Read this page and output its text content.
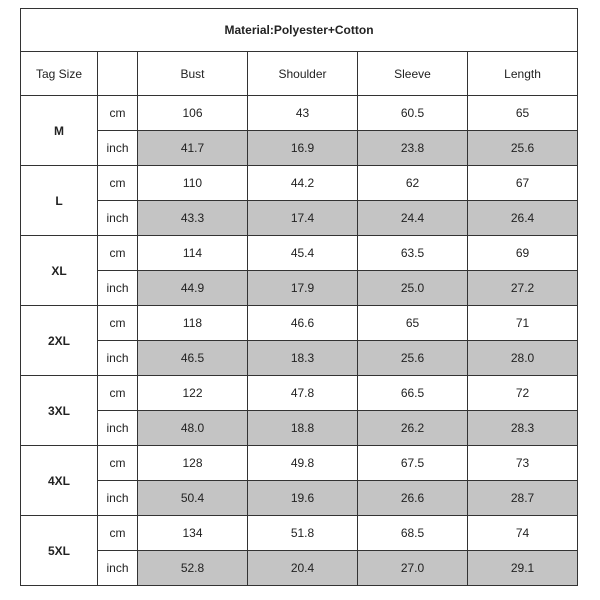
Material:Polyester+Cotton					
Tag Size		Bust	Shoulder	Sleeve	Length
M	cm	106	43	60.5	65
	inch	41.7	16.9	23.8	25.6
L	cm	110	44.2	62	67
	inch	43.3	17.4	24.4	26.4
XL	cm	114	45.4	63.5	69
	inch	44.9	17.9	25.0	27.2
2XL	cm	118	46.6	65	71
	inch	46.5	18.3	25.6	28.0
3XL	cm	122	47.8	66.5	72
	inch	48.0	18.8	26.2	28.3
4XL	cm	128	49.8	67.5	73
	inch	50.4	19.6	26.6	28.7
5XL	cm	134	51.8	68.5	74
	inch	52.8	20.4	27.0	29.1
